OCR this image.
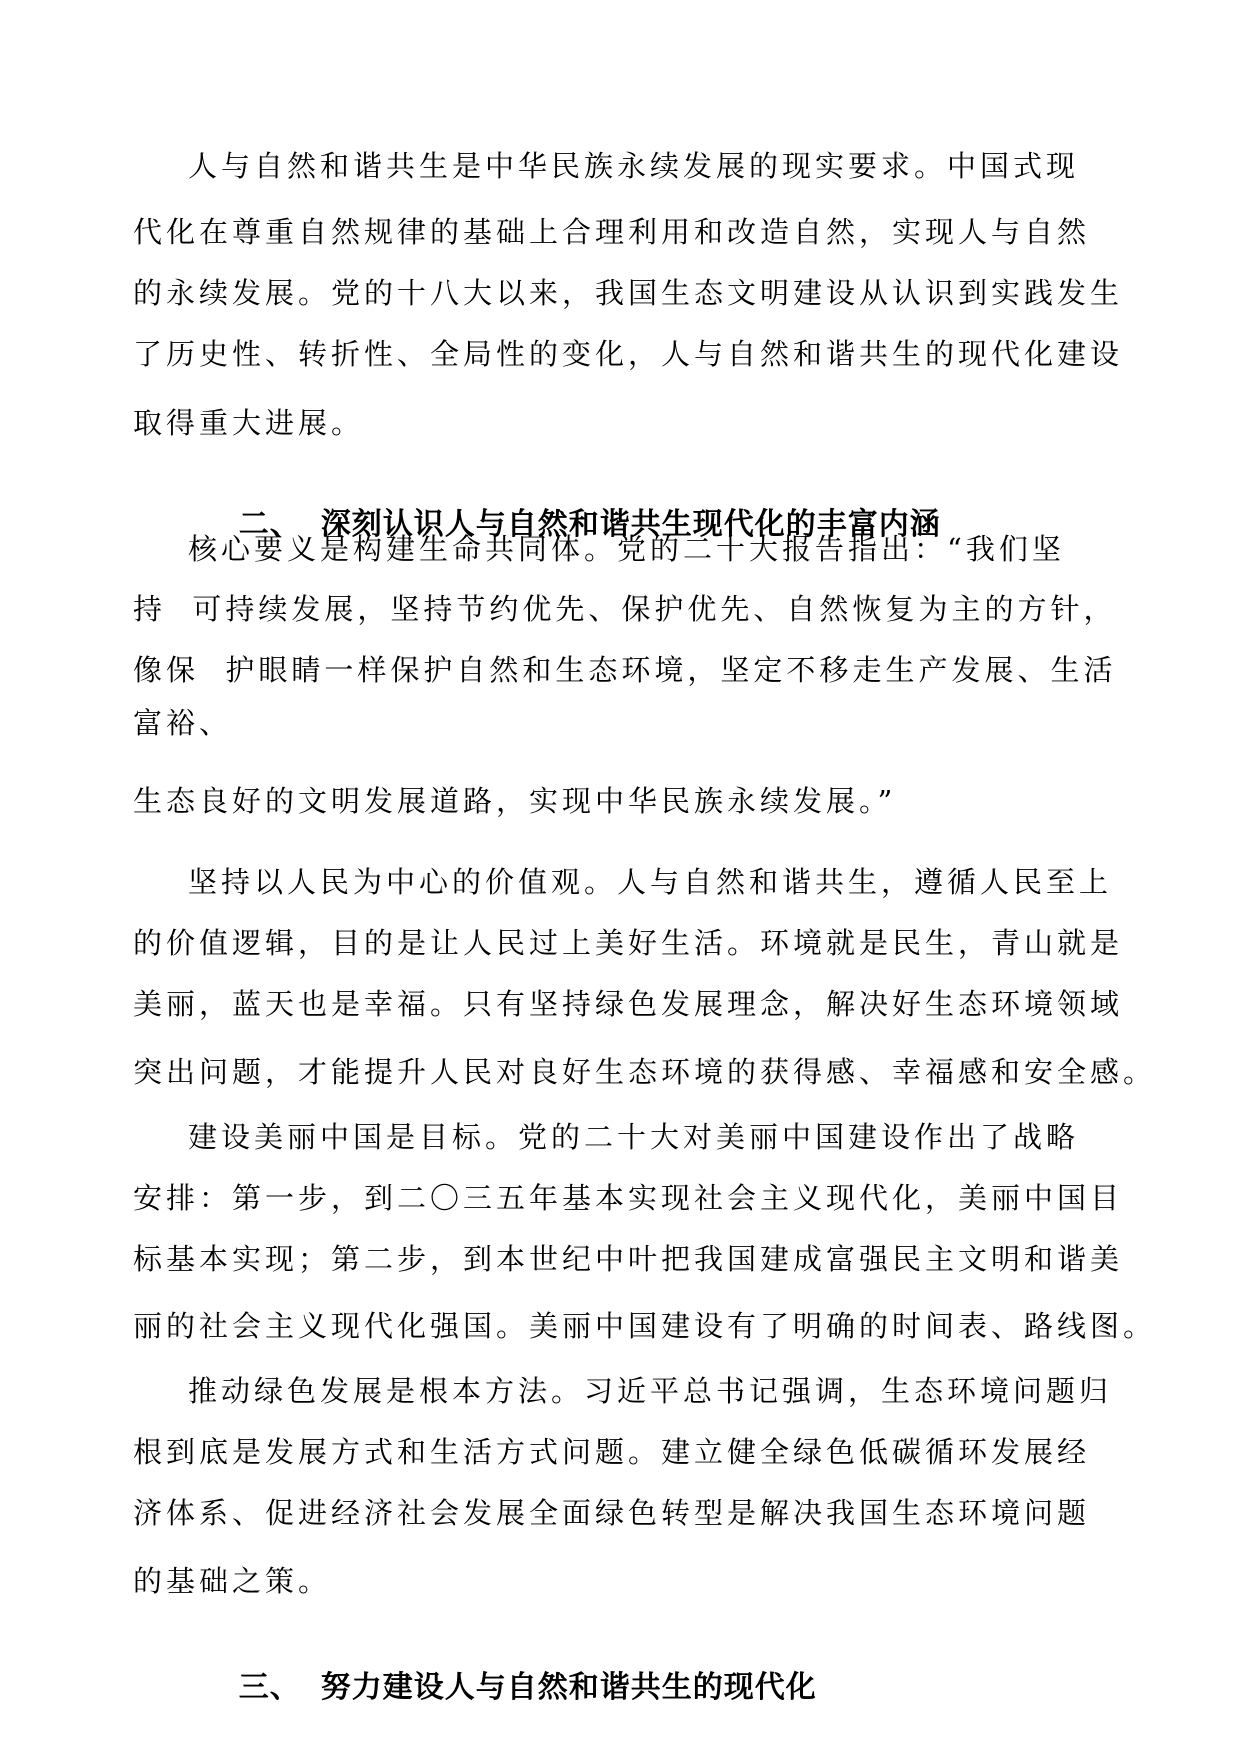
人与自然和谐共生是中华民族永续发展的现实要求。中国式现
代化在尊重自然规律的基础上合理利用和改造自然，实现人与自然
的永续发展。党的十八大以来，我国生态文明建设从认识到实践发生
了历史性、转折性、全局性的变化，人与自然和谐共生的现代化建设
取得重大进展。

二、 深刻认识人与自然和谐共生现代化的丰富内涵

核心要义是构建生命共同体。党的二十大报告指出：“我们坚
持  可持续发展，坚持节约优先、保护优先、自然恢复为主的方针，
像保  护眼睛一样保护自然和生态环境，坚定不移走生产发展、生活
富裕、
生态良好的文明发展道路，实现中华民族永续发展。”
坚持以人民为中心的价值观。人与自然和谐共生，遵循人民至上
的价值逻辑，目的是让人民过上美好生活。环境就是民生，青山就是
美丽，蓝天也是幸福。只有坚持绿色发展理念，解决好生态环境领域
突出问题，才能提升人民对良好生态环境的获得感、幸福感和安全感。
建设美丽中国是目标。党的二十大对美丽中国建设作出了战略
安排：第一步，到二〇三五年基本实现社会主义现代化，美丽中国目
标基本实现；第二步，到本世纪中叶把我国建成富强民主文明和谐美
丽的社会主义现代化强国。美丽中国建设有了明确的时间表、路线图。
推动绿色发展是根本方法。习近平总书记强调，生态环境问题归
根到底是发展方式和生活方式问题。建立健全绿色低碳循环发展经
济体系、促进经济社会发展全面绿色转型是解决我国生态环境问题
的基础之策。

三、 努力建设人与自然和谐共生的现代化
